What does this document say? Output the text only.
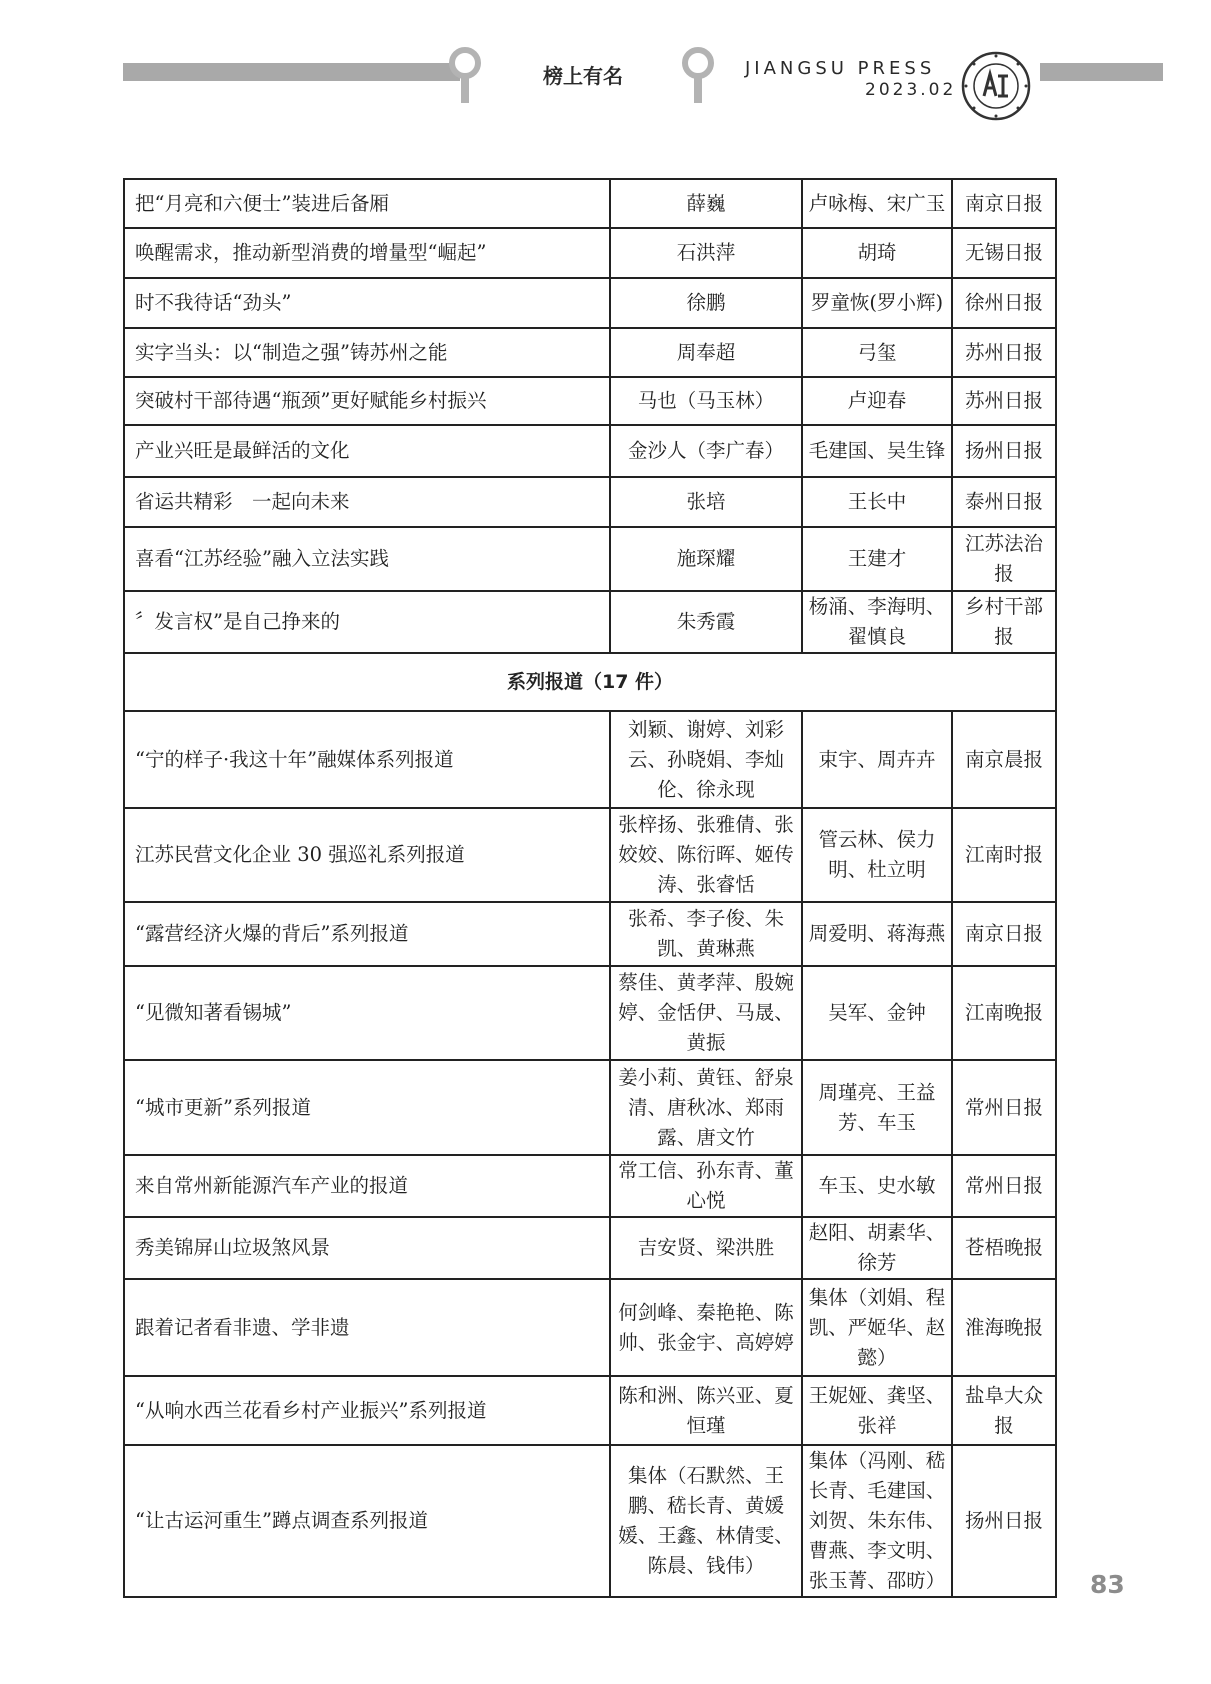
榜上有名	JIANGSU PRESS
2023.02
把“月亮和六便士”装进后备厢	薛巍	卢咏梅、宋广玉	南京日报
唤醒需求，推动新型消费的增量型“崛起”	石洪萍	胡琦	无锡日报
时不我待话“劲头”	徐鹏	罗童恢(罗小辉)	徐州日报
实字当头：以“制造之强”铸苏州之能	周奉超	弓玺	苏州日报
突破村干部待遇“瓶颈”更好赋能乡村振兴	马也（马玉林）	卢迎春	苏州日报
产业兴旺是最鲜活的文化	金沙人（李广春）	毛建国、吴生锋	扬州日报
省运共精彩　一起向未来	张培	王长中	泰州日报
喜看“江苏经验”融入立法实践	施琛耀	王建才	江苏法治报
〞发言权”是自己挣来的	朱秀霞	杨涌、李海明、翟慎良	乡村干部报
系列报道（17 件）			
“宁的样子·我这十年”融媒体系列报道	刘颖、谢婷、刘彩云、孙晓娟、李灿伦、徐永现	束宇、周卉卉	南京晨报
江苏民营文化企业 30 强巡礼系列报道	张梓扬、张雅倩、张姣姣、陈衍晖、姬传涛、张睿恬	管云林、侯力明、杜立明	江南时报
“露营经济火爆的背后”系列报道	张希、李子俊、朱凯、黄琳燕	周爱明、蒋海燕	南京日报
“见微知著看锡城”	蔡佳、黄孝萍、殷婉婷、金恬伊、马晟、黄振	吴军、金钟	江南晚报
“城市更新”系列报道	姜小莉、黄钰、舒泉清、唐秋冰、郑雨露、唐文竹	周瑾亮、王益芳、车玉	常州日报
来自常州新能源汽车产业的报道	常工信、孙东青、董心悦	车玉、史水敏	常州日报
秀美锦屏山垃圾煞风景	吉安贤、梁洪胜	赵阳、胡素华、徐芳	苍梧晚报
跟着记者看非遗、学非遗	何剑峰、秦艳艳、陈帅、张金宇、高婷婷	集体（刘娟、程凯、严姬华、赵懿）	淮海晚报
“从响水西兰花看乡村产业振兴”系列报道	陈和洲、陈兴亚、夏恒瑾	王妮娅、龚坚、张祥	盐阜大众报
“让古运河重生”蹲点调查系列报道	集体（石默然、王鹏、嵇长青、黄媛媛、王鑫、林倩雯、陈晨、钱伟）	集体（冯刚、嵇长青、毛建国、刘贺、朱东伟、曹燕、李文明、张玉菁、邵昉）	扬州日报
83
